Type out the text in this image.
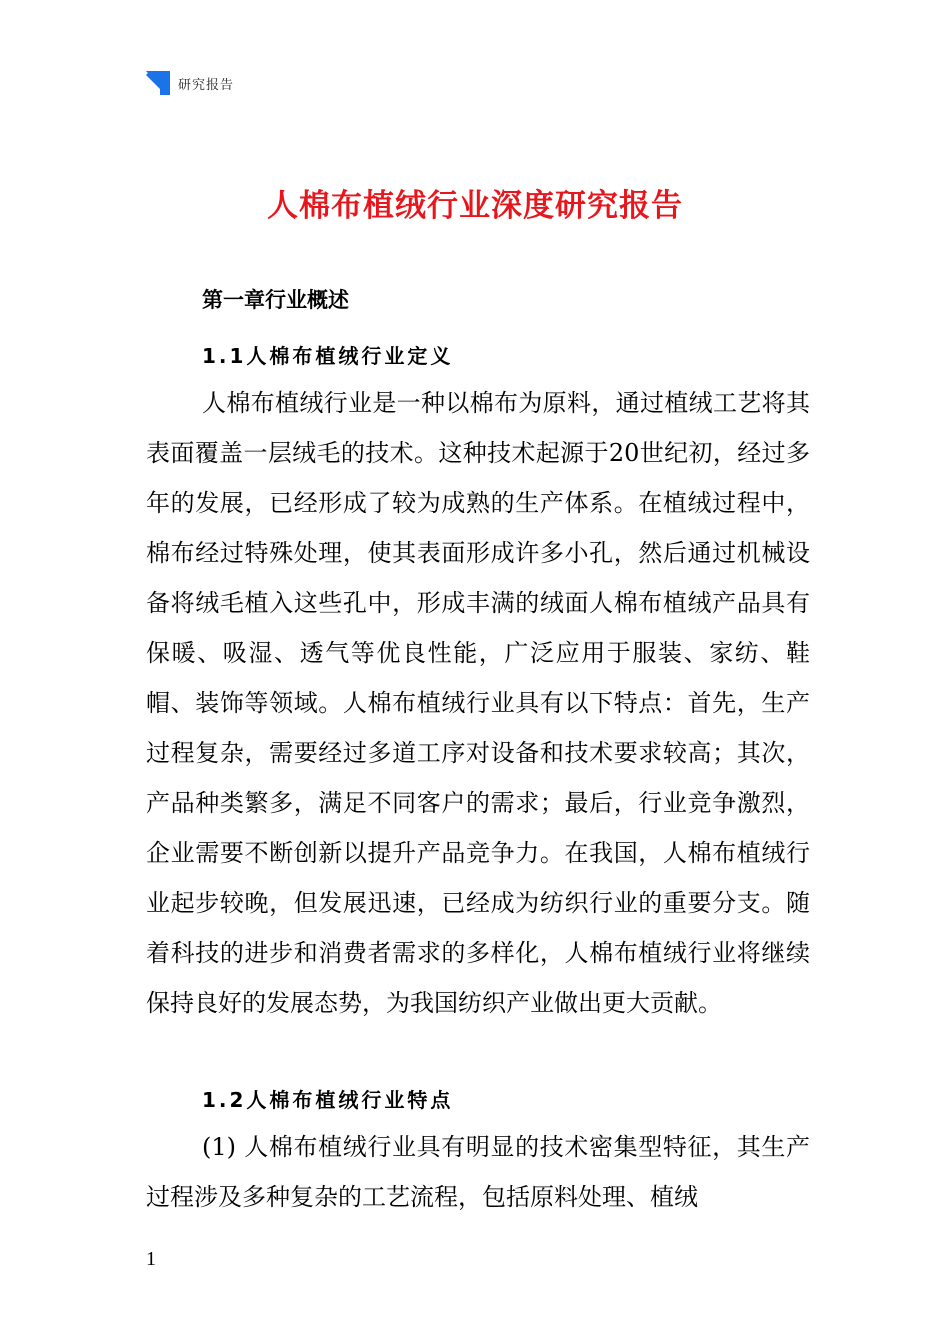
研究报告
人棉布植绒行业深度研究报告
第一章行业概述
1.1人棉布植绒行业定义

人棉布植绒行业是一种以棉布为原料，通过植绒工艺将其表面覆盖一层绒毛的技术。这种技术起源于20世纪初，经过多年的发展，已经形成了较为成熟的生产体系。在植绒过程中，棉布经过特殊处理，使其表面形成许多小孔，然后通过机械设备将绒毛植入这些孔中，形成丰满的绒面人棉布植绒产品具有保暖、吸湿、透气等优良性能，广泛应用于服装、家纺、鞋帽、装饰等领域。人棉布植绒行业具有以下特点：首先，生产过程复杂，需要经过多道工序对设备和技术要求较高；其次，产品种类繁多，满足不同客户的需求；最后，行业竞争激烈，企业需要不断创新以提升产品竞争力。在我国，人棉布植绒行业起步较晚，但发展迅速，已经成为纺织行业的重要分支。随着科技的进步和消费者需求的多样化，人棉布植绒行业将继续保持良好的发展态势，为我国纺织产业做出更大贡献。

1.2人棉布植绒行业特点

(1) 人棉布植绒行业具有明显的技术密集型特征，其生产过程涉及多种复杂的工艺流程，包括原料处理、植绒

1
